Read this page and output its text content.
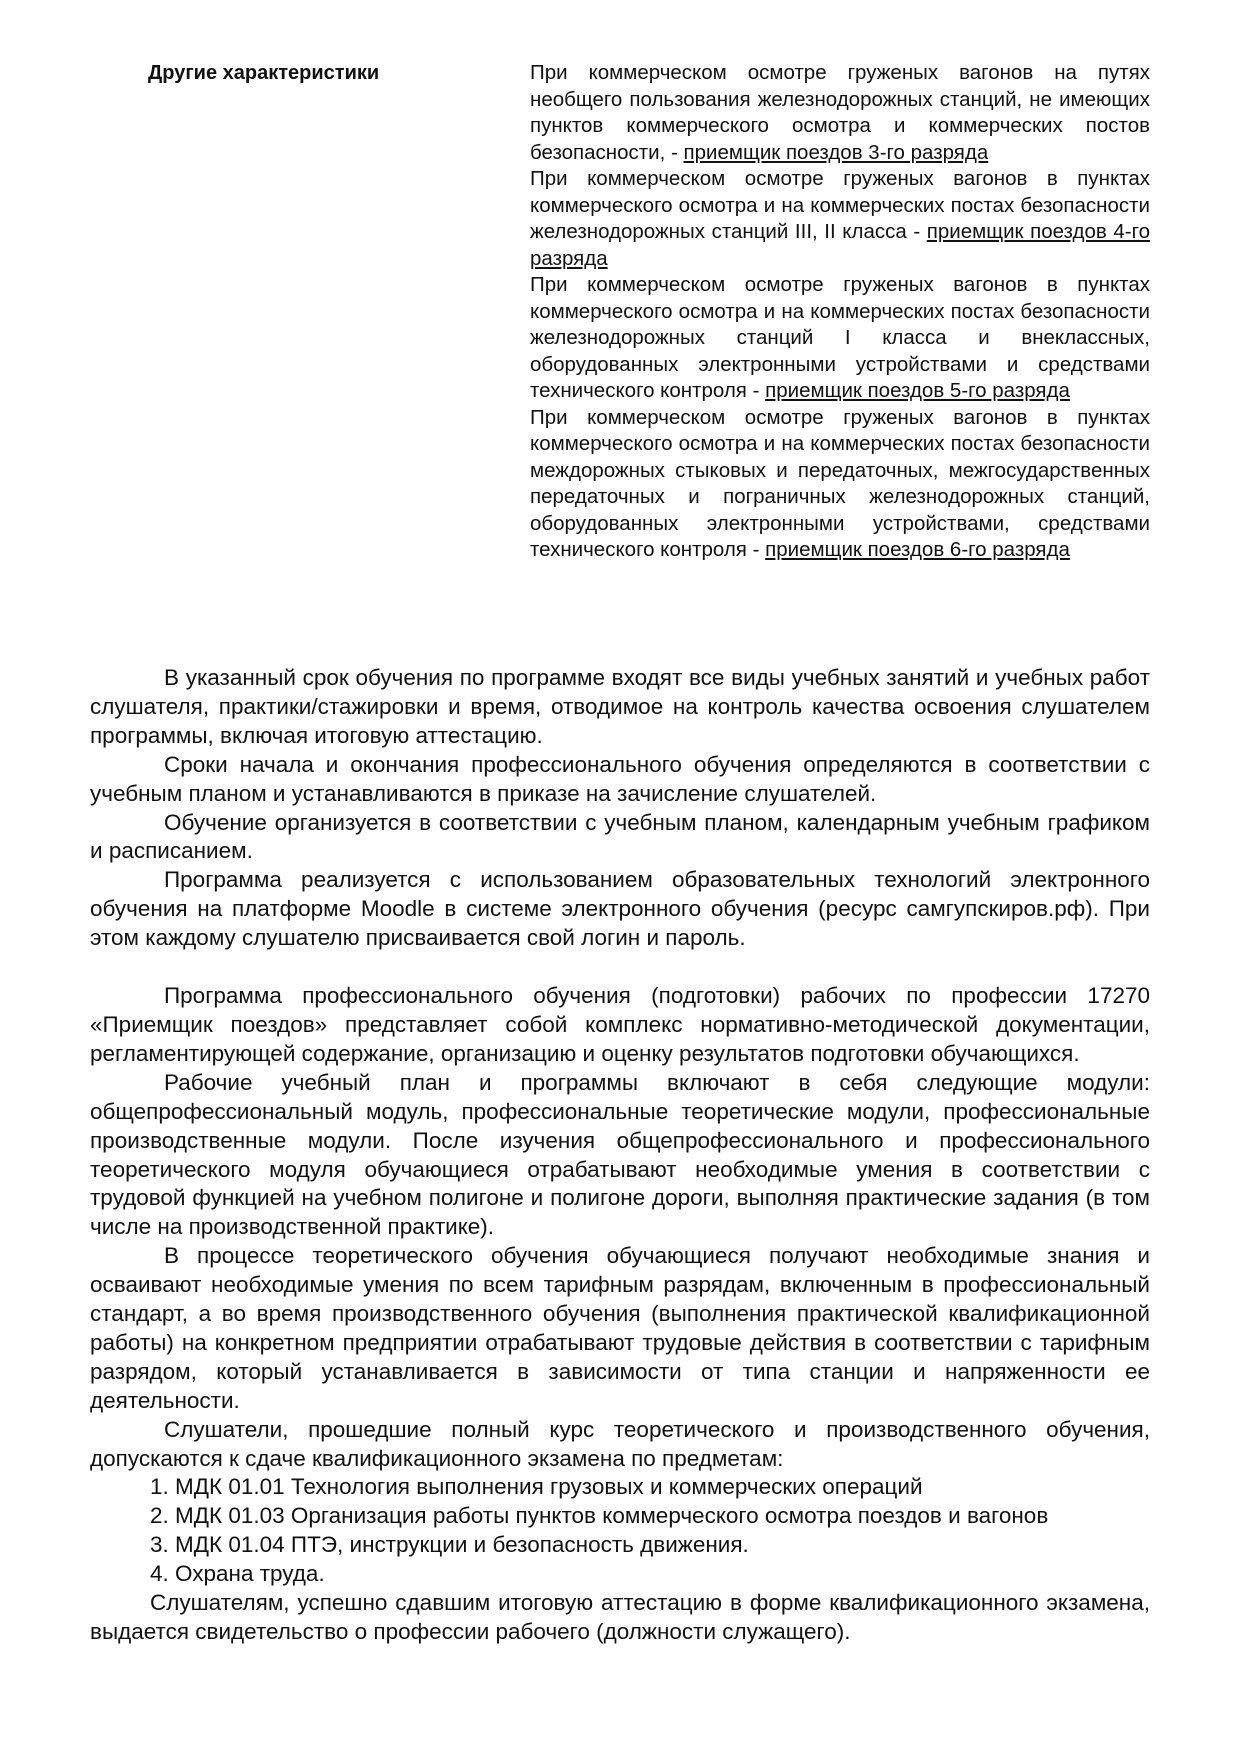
Другие характеристики	При коммерческом осмотре груженых вагонов на путях необщего пользования железнодорожных станций, не имеющих пунктов коммерческого осмотра и коммерческих постов безопасности, - приемщик поездов 3-го разряда

При коммерческом осмотре груженых вагонов в пунктах коммерческого осмотра и на коммерческих постах безопасности железнодорожных станций III, II класса - приемщик поездов 4-го разряда

При коммерческом осмотре груженых вагонов в пунктах коммерческого осмотра и на коммерческих постах безопасности железнодорожных станций I класса и внеклассных, оборудованных электронными устройствами и средствами технического контроля - приемщик поездов 5-го разряда

При коммерческом осмотре груженых вагонов в пунктах коммерческого осмотра и на коммерческих постах безопасности междорожных стыковых и передаточных, межгосударственных передаточных и пограничных железнодорожных станций, оборудованных электронными устройствами, средствами технического контроля - приемщик поездов 6-го разряда

В указанный срок обучения по программе входят все виды учебных занятий и учебных работ слушателя, практики/стажировки и время, отводимое на контроль качества освоения слушателем программы, включая итоговую аттестацию.

Сроки начала и окончания профессионального обучения определяются в соответствии с учебным планом и устанавливаются в приказе на зачисление слушателей.

Обучение организуется в соответствии с учебным планом, календарным учебным графиком и расписанием.

Программа реализуется с использованием образовательных технологий электронного обучения на платформе Moodle в системе электронного обучения (ресурс самгупскиров.рф). При этом каждому слушателю присваивается свой логин и пароль.

Программа профессионального обучения (подготовки) рабочих по профессии 17270 «Приемщик поездов» представляет собой комплекс нормативно-методической документации, регламентирующей содержание, организацию и оценку результатов подготовки обучающихся.

Рабочие учебный план и программы включают в себя следующие модули: общепрофессиональный модуль, профессиональные теоретические модули, профессиональные производственные модули. После изучения общепрофессионального и профессионального теоретического модуля обучающиеся отрабатывают необходимые умения в соответствии с трудовой функцией на учебном полигоне и полигоне дороги, выполняя практические задания (в том числе на производственной практике).

В процессе теоретического обучения обучающиеся получают необходимые знания и осваивают необходимые умения по всем тарифным разрядам, включенным в профессиональный стандарт, а во время производственного обучения (выполнения практической квалификационной работы) на конкретном предприятии отрабатывают трудовые действия в соответствии с тарифным разрядом, который устанавливается в зависимости от типа станции и напряженности ее деятельности.

Слушатели, прошедшие полный курс теоретического и производственного обучения, допускаются к сдаче квалификационного экзамена по предметам:

1. МДК 01.01 Технология выполнения грузовых и коммерческих операций

2. МДК 01.03 Организация работы пунктов коммерческого осмотра поездов и вагонов

3. МДК 01.04 ПТЭ, инструкции и безопасность движения.

4. Охрана труда.

Слушателям, успешно сдавшим итоговую аттестацию в форме квалификационного экзамена, выдается свидетельство о профессии рабочего (должности служащего).
